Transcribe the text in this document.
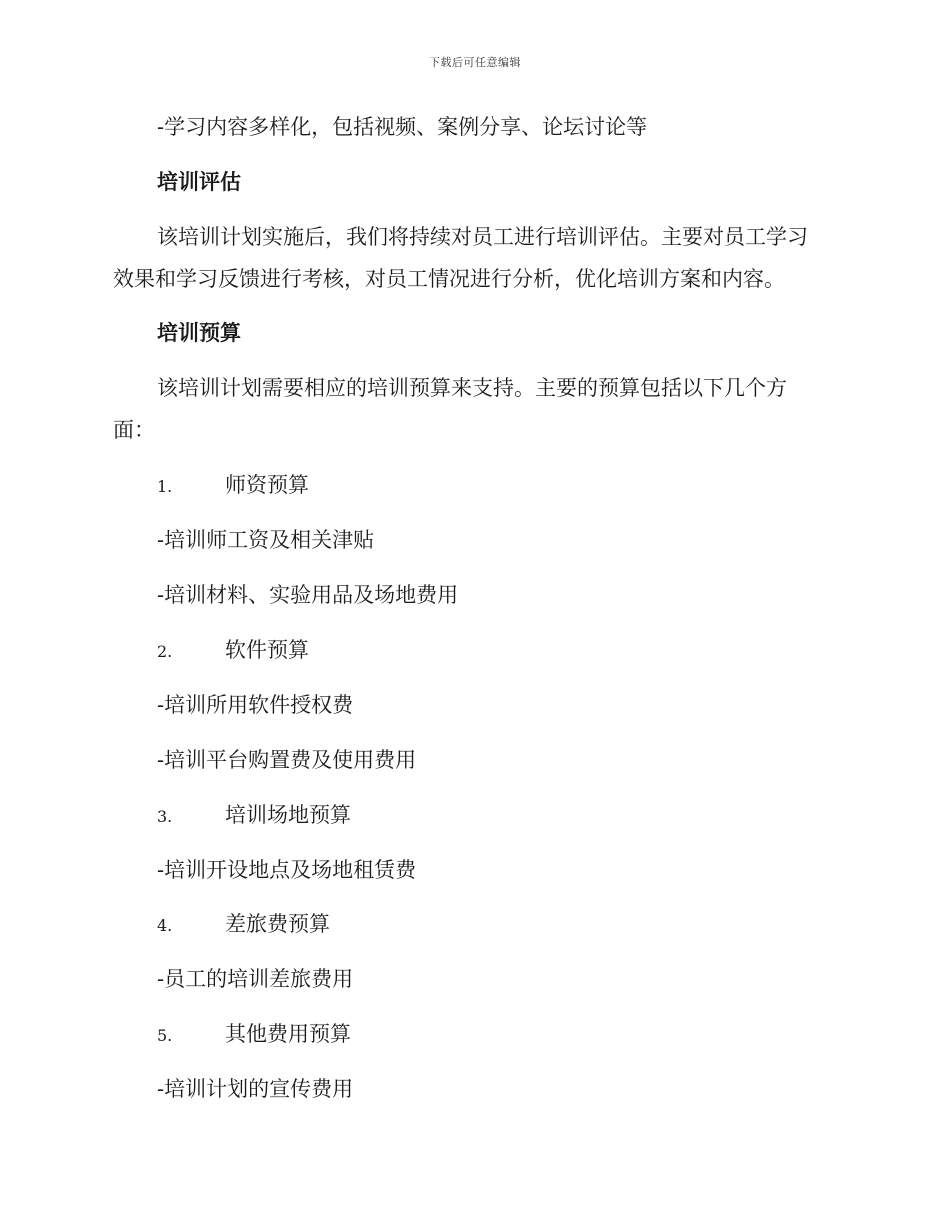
下载后可任意编辑
-学习内容多样化，包括视频、案例分享、论坛讨论等
培训评估
该培训计划实施后，我们将持续对员工进行培训评估。主要对员工学习
效果和学习反馈进行考核，对员工情况进行分析，优化培训方案和内容。
培训预算
该培训计划需要相应的培训预算来支持。主要的预算包括以下几个方
面：
1.	师资预算
-培训师工资及相关津贴
-培训材料、实验用品及场地费用
2.	软件预算
-培训所用软件授权费
-培训平台购置费及使用费用
3.	培训场地预算
-培训开设地点及场地租赁费
4.	差旅费预算
-员工的培训差旅费用
5.	其他费用预算
-培训计划的宣传费用
